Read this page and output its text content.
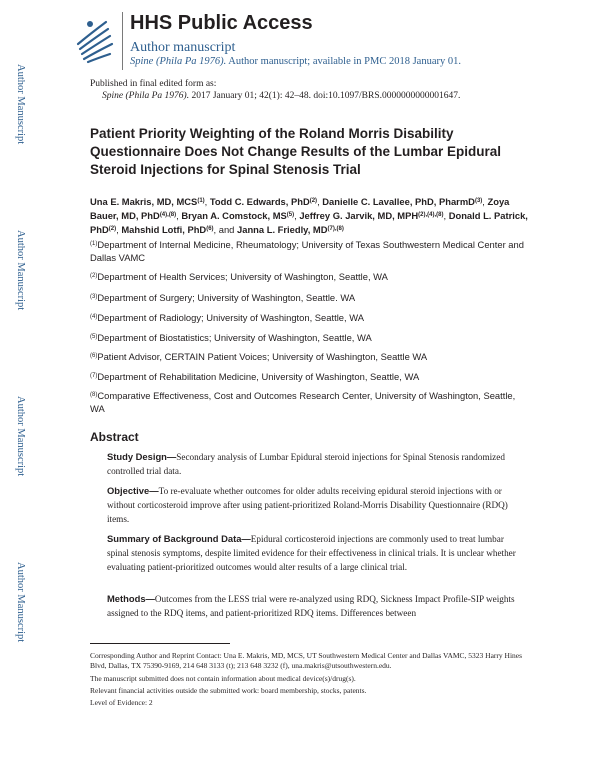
HHS Public Access
Author manuscript
Spine (Phila Pa 1976). Author manuscript; available in PMC 2018 January 01.
Published in final edited form as:
Spine (Phila Pa 1976). 2017 January 01; 42(1): 42–48. doi:10.1097/BRS.0000000000001647.
Author Manuscript
Author Manuscript
Author Manuscript
Author Manuscript
Patient Priority Weighting of the Roland Morris Disability Questionnaire Does Not Change Results of the Lumbar Epidural Steroid Injections for Spinal Stenosis Trial
Una E. Makris, MD, MCS$^{(1)}$, Todd C. Edwards, PhD$^{(2)}$, Danielle C. Lavallee, PhD, PharmD$^{(3)}$, Zoya Bauer, MD, PhD$^{(4),(8)}$, Bryan A. Comstock, MS$^{(5)}$, Jeffrey G. Jarvik, MD, $MPH^{(2),(4),(8)}$, Donald L. Patrick, PhD$^{(2)}$, Mahshid Lotfi, PhD$^{(6)}$, and Janna L. Friedly, $MD^{(7),(8)}$
$^{(1)}$Department of Internal Medicine, Rheumatology; University of Texas Southwestern Medical Center and Dallas VAMC
$^{(2)}$Department of Health Services; University of Washington, Seattle, WA
$^{(3)}$Department of Surgery; University of Washington, Seattle. WA
$^{(4)}$Department of Radiology; University of Washington, Seattle, WA
$^{(5)}$Department of Biostatistics; University of Washington, Seattle, WA
$^{(6)}$Patient Advisor, CERTAIN Patient Voices; University of Washington, Seattle WA
$^{(7)}$Department of Rehabilitation Medicine, University of Washington, Seattle, WA
$^{(8)}$Comparative Effectiveness, Cost and Outcomes Research Center, University of Washington, Seattle, WA
Abstract
Study Design—Secondary analysis of Lumbar Epidural steroid injections for Spinal Stenosis randomized controlled trial data.
Objective—To re-evaluate whether outcomes for older adults receiving epidural steroid injections with or without corticosteroid improve after using patient-prioritized Roland-Morris Disability Questionnaire (RDQ) items.
Summary of Background Data—Epidural corticosteroid injections are commonly used to treat lumbar spinal stenosis symptoms, despite limited evidence for their effectiveness in clinical trials. It is unclear whether evaluating patient-prioritized outcomes would alter results of a large clinical trial.
Methods—Outcomes from the LESS trial were re-analyzed using RDQ, Sickness Impact Profile-SIP weights assigned to the RDQ items, and patient-prioritized RDQ items. Differences between
Corresponding Author and Reprint Contact: Una E. Makris, MD, MCS, UT Southwestern Medical Center and Dallas VAMC, 5323 Harry Hines Blvd, Dallas, TX 75390-9169, 214 648 3133 (t); 213 648 3232 (f), una.makris@utsouthwestern.edu.
The manuscript submitted does not contain information about medical device(s)/drug(s).
Relevant financial activities outside the submitted work: board membership, stocks, patents.
Level of Evidence: 2
